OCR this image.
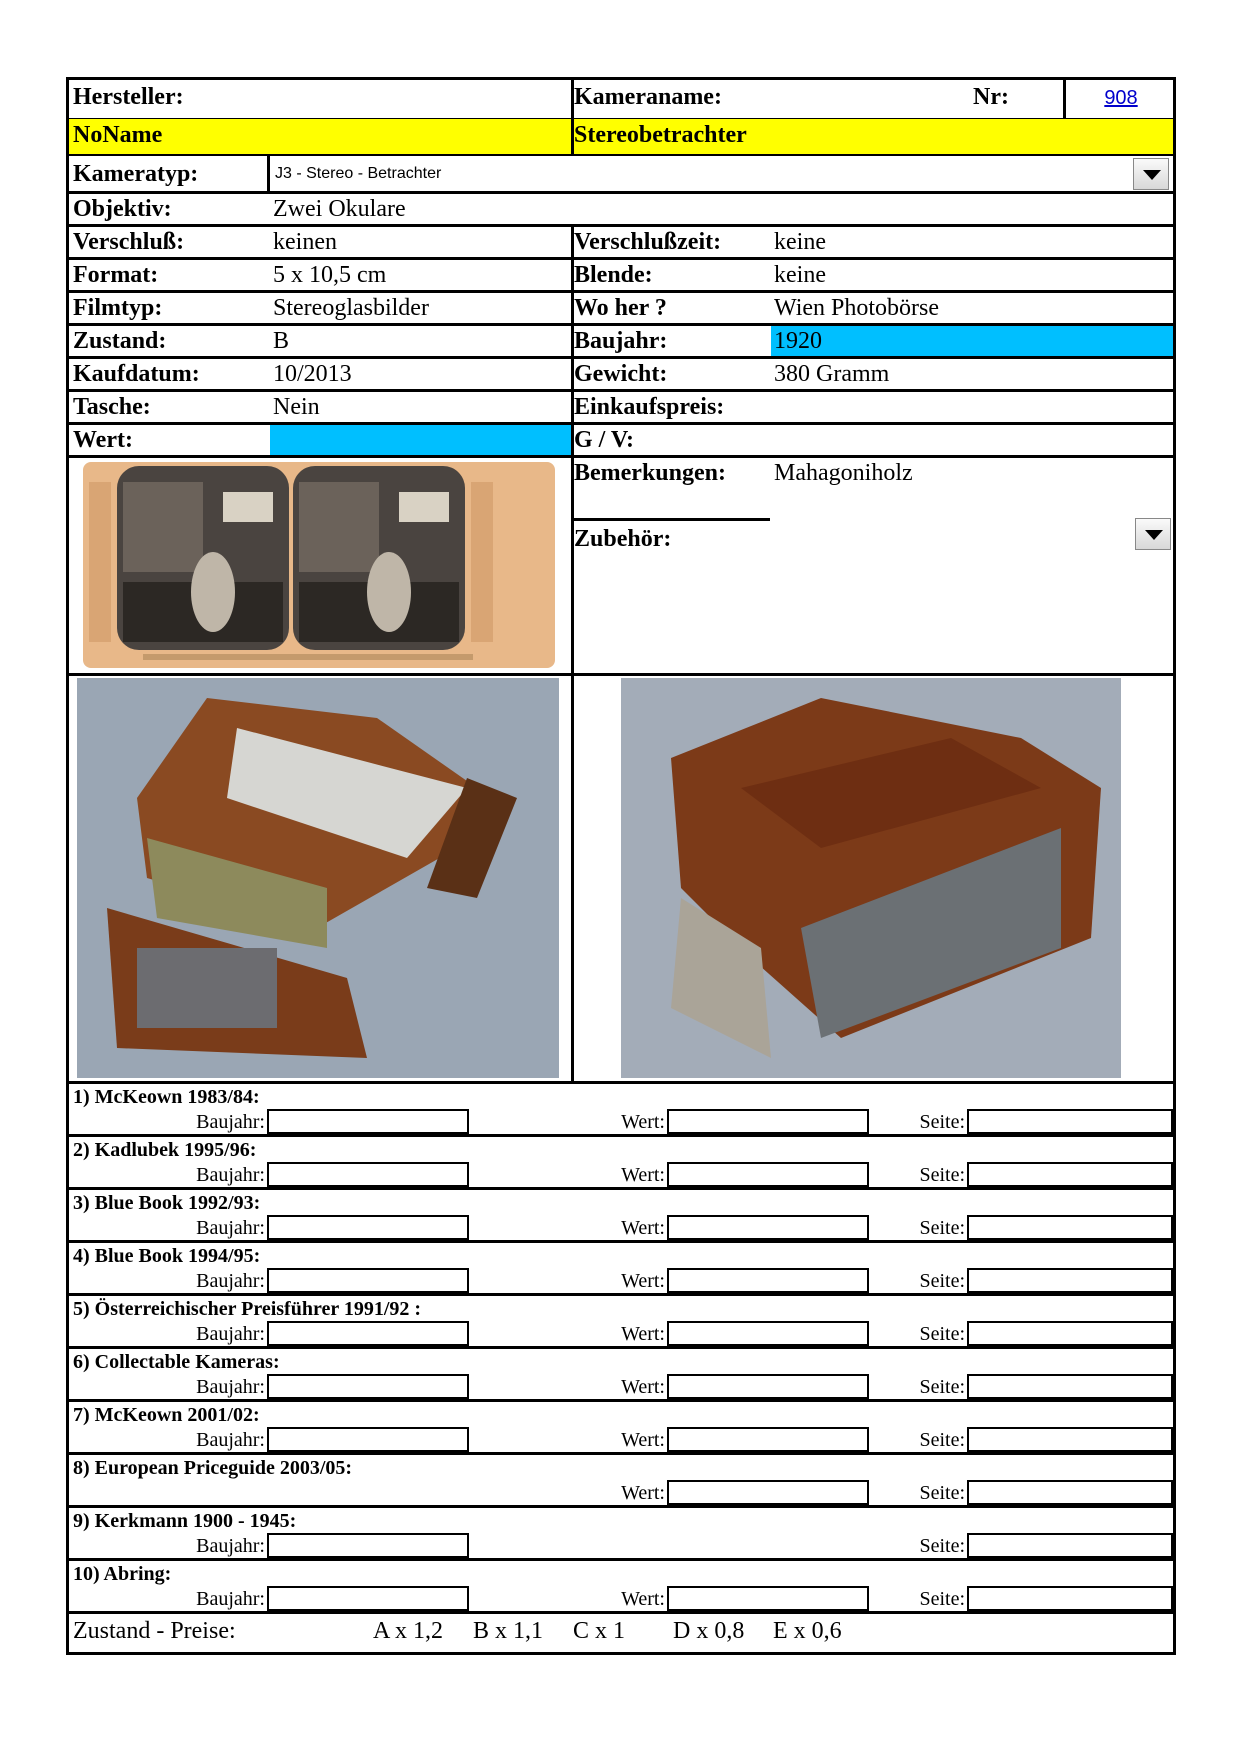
Hersteller:	Kameraname:	Nr:	908
NoName	Stereobetrachter
Kameratyp:	J3 - Stereo - Betrachter
Objektiv:	Zwei Okulare
Verschluß:	keinen	Verschlußzeit: keine
Format:	5 x 10,5 cm	Blende:	keine
Filmtyp:	Stereoglasbilder	Wo her ?	Wien Photobörse
Zustand:	B	Baujahr:	1920
Kaufdatum:	10/2013	Gewicht:	380 Gramm
Tasche:	Nein	Einkaufspreis:
Wert:	G / V:
Bemerkungen: Mahagoniholz
Zubehör:
1) McKeown 1983/84:
Baujahr:	Wert:	Seite:
2) Kadlubek 1995/96:
Baujahr:	Wert:	Seite:
3) Blue Book 1992/93:
Baujahr:	Wert:	Seite:
4) Blue Book 1994/95:
Baujahr:	Wert:	Seite:
5) Österreichischer Preisführer 1991/92 :
Baujahr:	Wert:	Seite:
6) Collectable Kameras:
Baujahr:	Wert:	Seite:
7) McKeown 2001/02:
Baujahr:	Wert:	Seite:
8) European Priceguide 2003/05:
Wert:	Seite:
9) Kerkmann 1900 - 1945:
Baujahr:	Seite:
10) Abring:
Baujahr:	Wert:	Seite:
Zustand - Preise:	A x 1,2 B x 1,1 C x 1 D x 0,8 E x 0,6
